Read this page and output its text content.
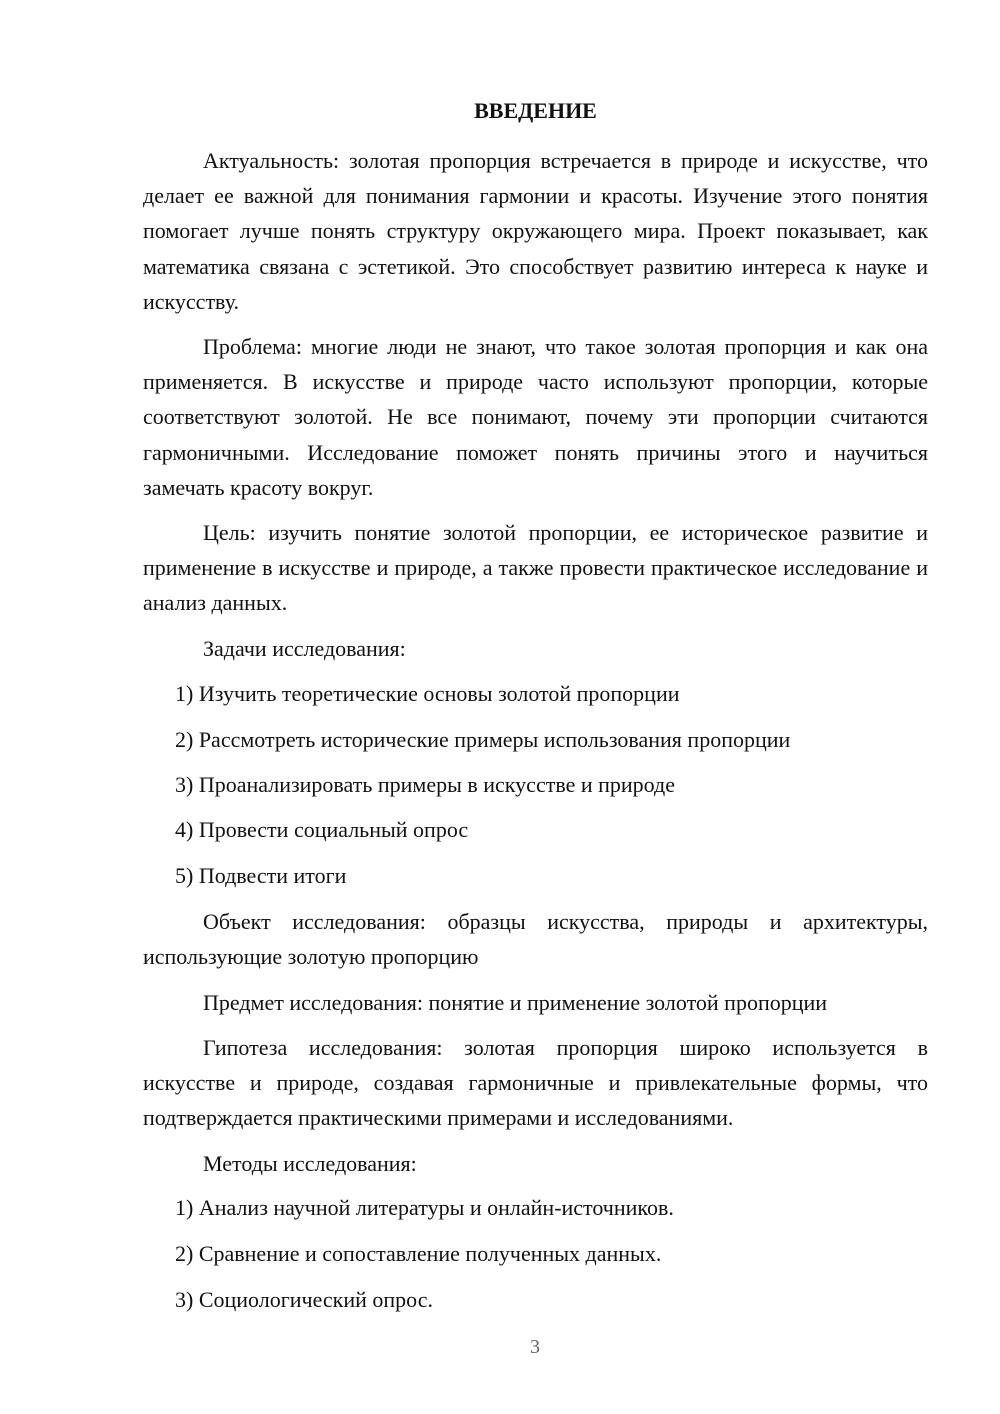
ВВЕДЕНИЕ

Актуальность: золотая пропорция встречается в природе и искусстве, что делает ее важной для понимания гармонии и красоты. Изучение этого понятия помогает лучше понять структуру окружающего мира. Проект показывает, как математика связана с эстетикой. Это способствует развитию интереса к науке и искусству.

Проблема: многие люди не знают, что такое золотая пропорция и как она применяется. В искусстве и природе часто используют пропорции, которые соответствуют золотой. Не все понимают, почему эти пропорции считаются гармоничными. Исследование поможет понять причины этого и научиться замечать красоту вокруг.

Цель: изучить понятие золотой пропорции, ее историческое развитие и применение в искусстве и природе, а также провести практическое исследование и анализ данных.

Задачи исследования:

1) Изучить теоретические основы золотой пропорции

2) Рассмотреть исторические примеры использования пропорции

3) Проанализировать примеры в искусстве и природе

4) Провести социальный опрос

5) Подвести итоги

Объект исследования: образцы искусства, природы и архитектуры, использующие золотую пропорцию

Предмет исследования: понятие и применение золотой пропорции

Гипотеза исследования: золотая пропорция широко используется в искусстве и природе, создавая гармоничные и привлекательные формы, что подтверждается практическими примерами и исследованиями.

Методы исследования:

1) Анализ научной литературы и онлайн-источников.

2) Сравнение и сопоставление полученных данных.

3) Социологический опрос.

3
